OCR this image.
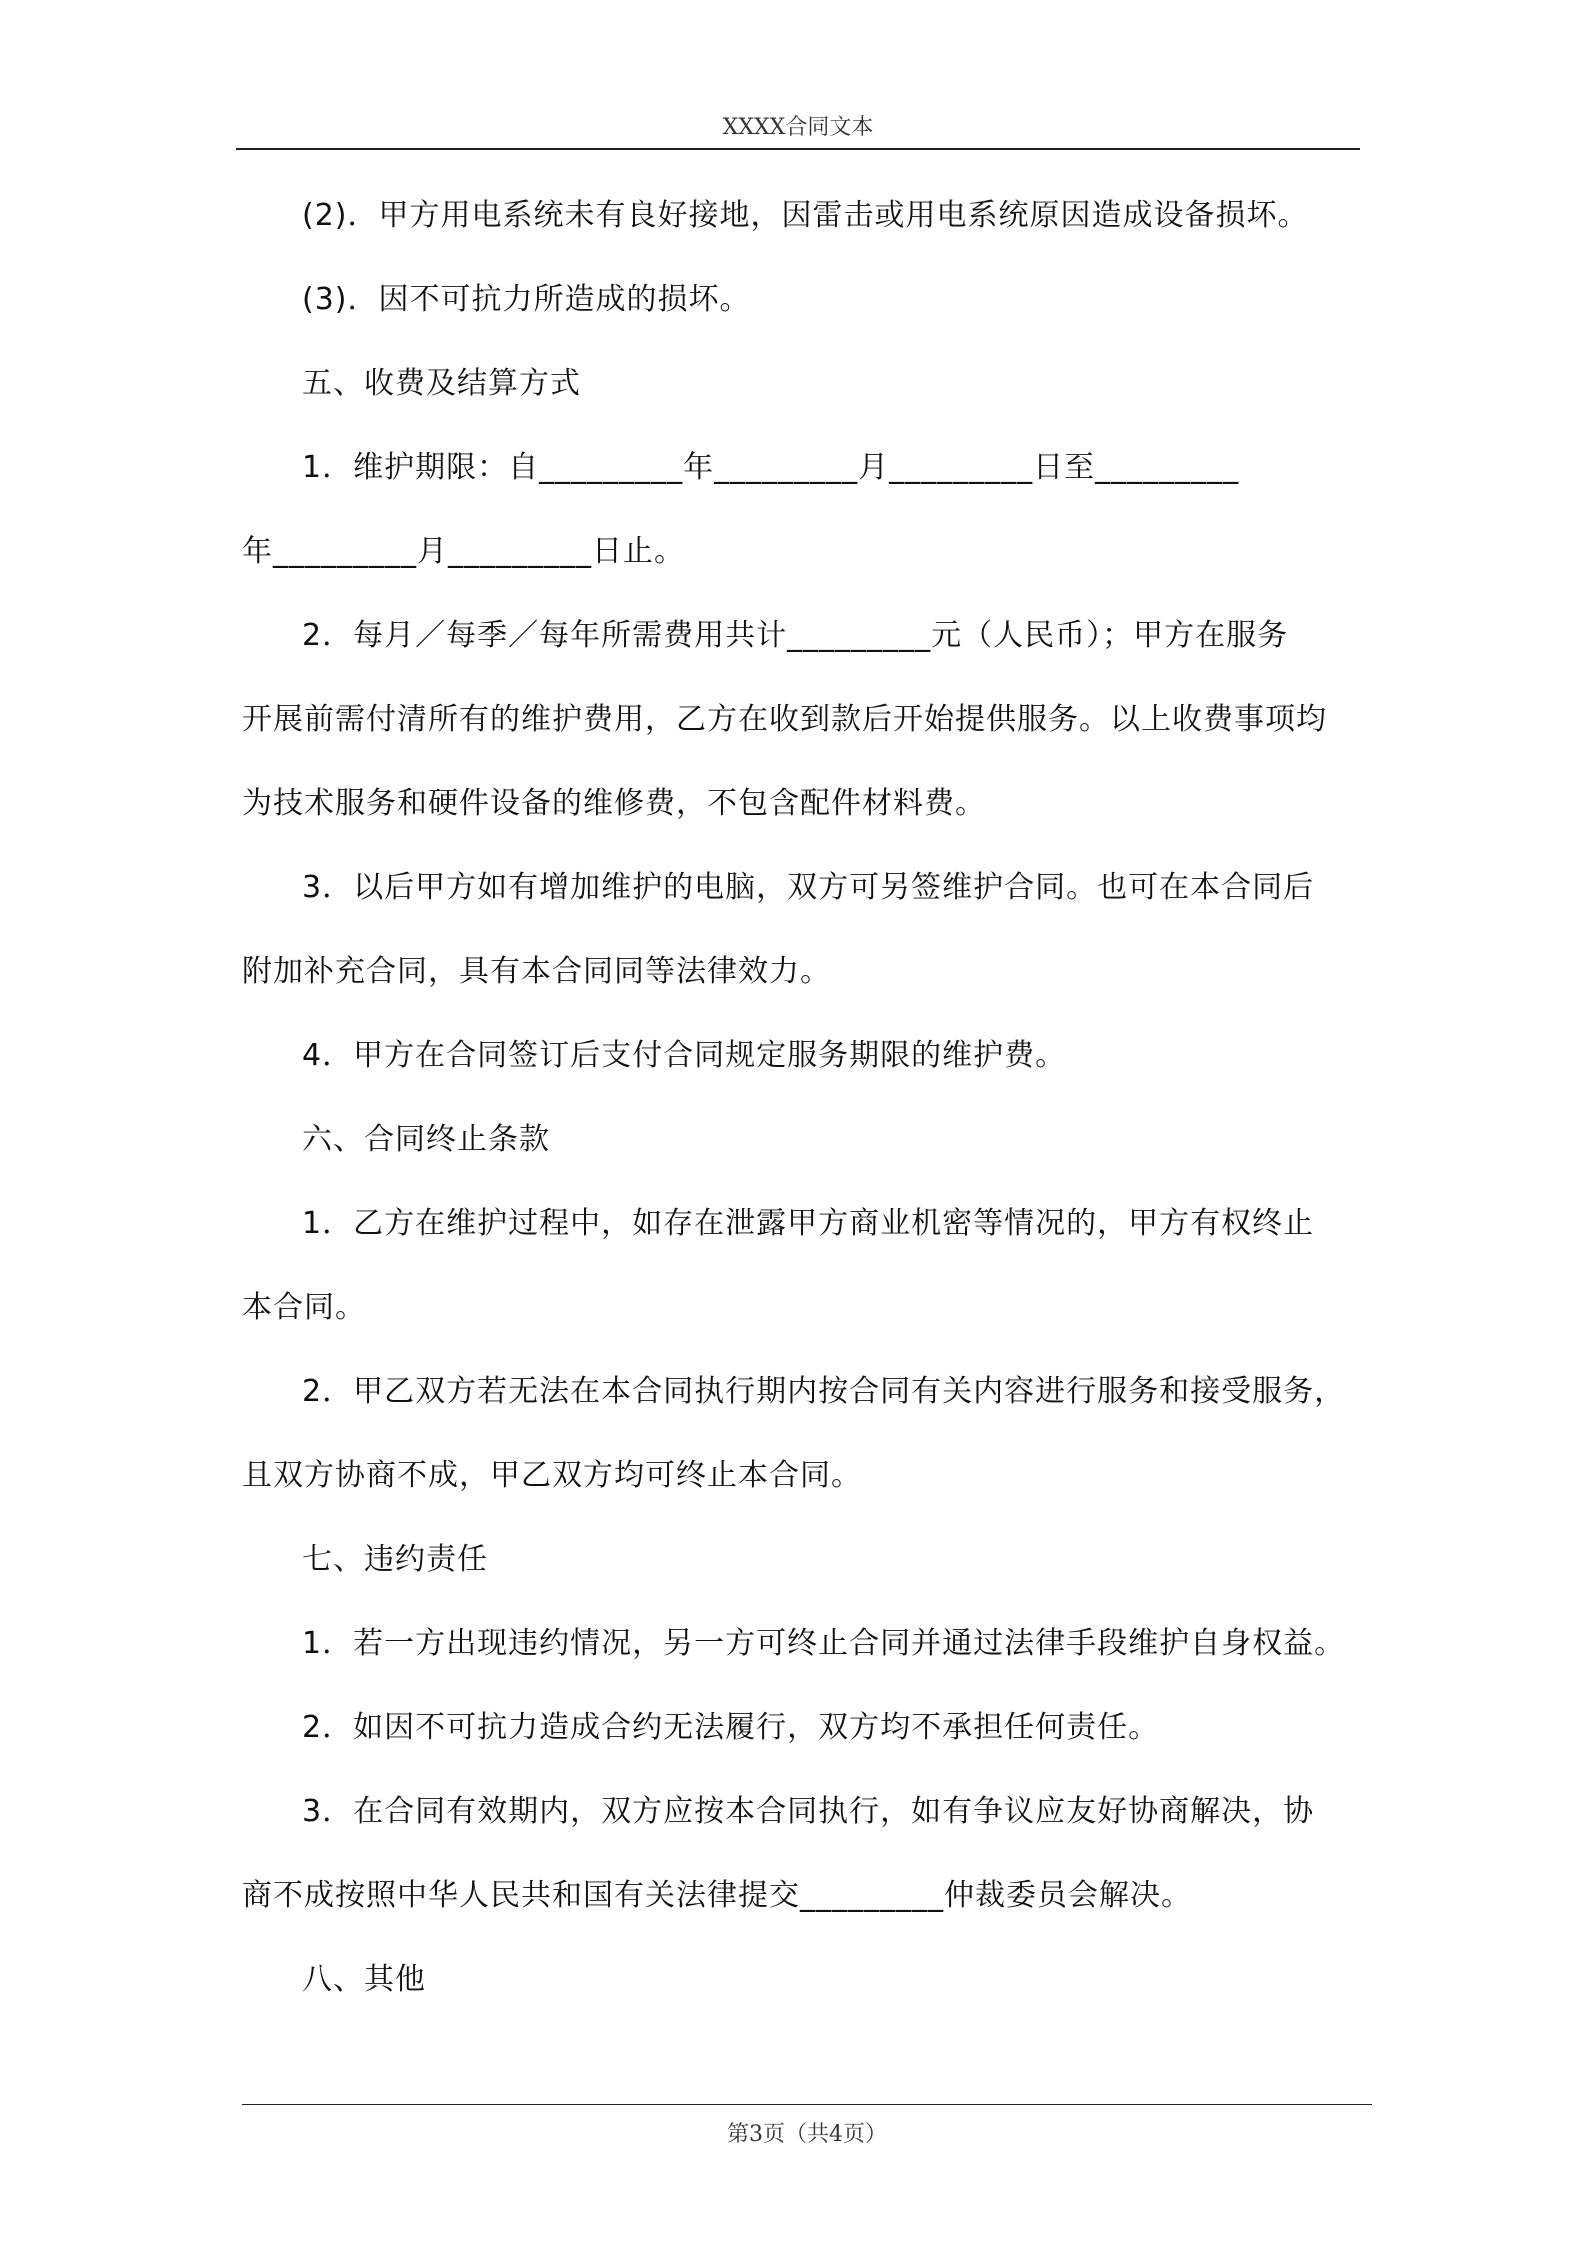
XXXX合同文本
(2)．甲方用电系统未有良好接地，因雷击或用电系统原因造成设备损坏。
(3)．因不可抗力所造成的损坏。
五、收费及结算方式
1．维护期限：自_________年_________月_________日至_________
年_________月_________日止。
2．每月／每季／每年所需费用共计_________元（人民币）；甲方在服务
开展前需付清所有的维护费用，乙方在收到款后开始提供服务。以上收费事项均
为技术服务和硬件设备的维修费，不包含配件材料费。
3．以后甲方如有增加维护的电脑，双方可另签维护合同。也可在本合同后
附加补充合同，具有本合同同等法律效力。
4．甲方在合同签订后支付合同规定服务期限的维护费。
六、合同终止条款
1．乙方在维护过程中，如存在泄露甲方商业机密等情况的，甲方有权终止
本合同。
2．甲乙双方若无法在本合同执行期内按合同有关内容进行服务和接受服务，
且双方协商不成，甲乙双方均可终止本合同。
七、违约责任
1．若一方出现违约情况，另一方可终止合同并通过法律手段维护自身权益。
2．如因不可抗力造成合约无法履行，双方均不承担任何责任。
3．在合同有效期内，双方应按本合同执行，如有争议应友好协商解决，协
商不成按照中华人民共和国有关法律提交_________仲裁委员会解决。
八、其他
第3页（共4页）
